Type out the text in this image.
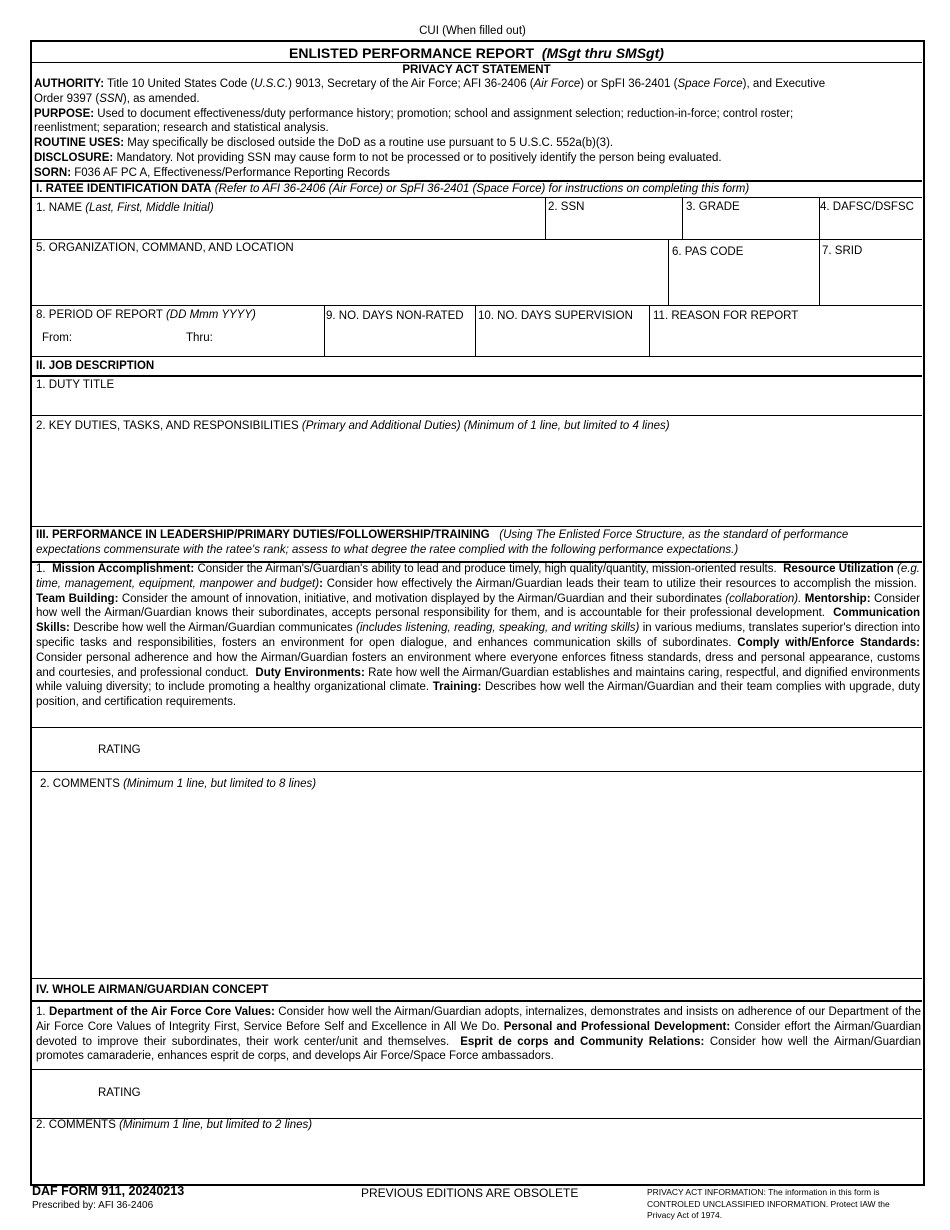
CUI (When filled out)
ENLISTED PERFORMANCE REPORT (MSgt thru SMSgt)
PRIVACY ACT STATEMENT

AUTHORITY: Title 10 United States Code (U.S.C.) 9013, Secretary of the Air Force; AFI 36-2406 (Air Force) or SpFI 36-2401 (Space Force), and Executive

Order 9397 (SSN), as amended.

PURPOSE: Used to document effectiveness/duty performance history; promotion; school and assignment selection; reduction-in-force; control roster;

reenlistment; separation; research and statistical analysis.

ROUTINE USES: May specifically be disclosed outside the DoD as a routine use pursuant to 5 U.S.C. 552a(b)(3).

DISCLOSURE: Mandatory. Not providing SSN may cause form to not be processed or to positively identify the person being evaluated.

SORN: F036 AF PC A, Effectiveness/Performance Reporting Records

I. RATEE IDENTIFICATION DATA (Refer to AFI 36-2406 (Air Force) or SpFI 36-2401 (Space Force) for instructions on completing this form)
1. NAME (Last, First, Middle Initial)	2. SSN	3. GRADE	4. DAFSC/DSFSC
5. ORGANIZATION, COMMAND, AND LOCATION	6. PAS CODE	7. SRID
8. PERIOD OF REPORT (DD Mmm YYYY)
From:	Thru:
9. NO. DAYS NON-RATED 10. NO. DAYS SUPERVISION 11. REASON FOR REPORT
II. JOB DESCRIPTION
1. DUTY TITLE
2. KEY DUTIES, TASKS, AND RESPONSIBILITIES (Primary and Additional Duties) (Minimum of 1 line, but limited to 4 lines)

III. PERFORMANCE IN LEADERSHIP/PRIMARY DUTIES/FOLLOWERSHIP/TRAINING (Using The Enlisted Force Structure, as the standard of performance

expectations commensurate with the ratee's rank; assess to what degree the ratee complied with the following performance expectations.)

1. Mission Accomplishment: Consider the Airman's/Guardian's ability to lead and produce timely, high quality/quantity, mission-oriented results. Resource Utilization (e.g. time, management, equipment, manpower and budget): Consider how effectively the Airman/Guardian leads their team to utilize their resources to accomplish the mission.  Team Building: Consider the amount of innovation, initiative, and motivation displayed by the Airman/Guardian and their subordinates (collaboration). Mentorship: Consider how well the Airman/Guardian knows their subordinates, accepts personal responsibility for them, and is accountable for their professional development. Communication Skills: Describe how well the Airman/Guardian communicates (includes listening, reading, speaking, and writing skills) in various mediums, translates superior's direction into specific tasks and responsibilities, fosters an environment for open dialogue, and enhances communication skills of subordinates. Comply with/Enforce Standards: Consider personal adherence and how the Airman/Guardian fosters an environment where everyone enforces fitness standards, dress and personal appearance, customs and courtesies, and professional conduct. Duty Environments: Rate how well the Airman/Guardian establishes and maintains caring, respectful, and dignified environments while valuing diversity; to include promoting a healthy organizational climate. Training: Describes how well the Airman/Guardian and their team complies with upgrade, duty position, and certification requirements.
RATING
2. COMMENTS (Minimum 1 line, but limited to 8 lines)
IV. WHOLE AIRMAN/GUARDIAN CONCEPT
1. Department of the Air Force Core Values: Consider how well the Airman/Guardian adopts, internalizes, demonstrates and insists on adherence of our Department of the Air Force Core Values of Integrity First, Service Before Self and Excellence in All We Do. Personal and Professional Development: Consider effort the Airman/Guardian devoted to improve their subordinates, their work center/unit and themselves. Esprit de corps and Community Relations: Consider how well the Airman/Guardian promotes camaraderie, enhances esprit de corps, and develops Air Force/Space Force ambassadors.
RATING
2. COMMENTS (Minimum 1 line, but limited to 2 lines)
DAF FORM 911, 20240213
Prescribed by: AFI 36-2406
PREVIOUS EDITIONS ARE OBSOLETE	PRIVACY ACT INFORMATION: The information in this form is
CONTROLED UNCLASSIFIED INFORMATION. Protect IAW the
Privacy Act of 1974.
